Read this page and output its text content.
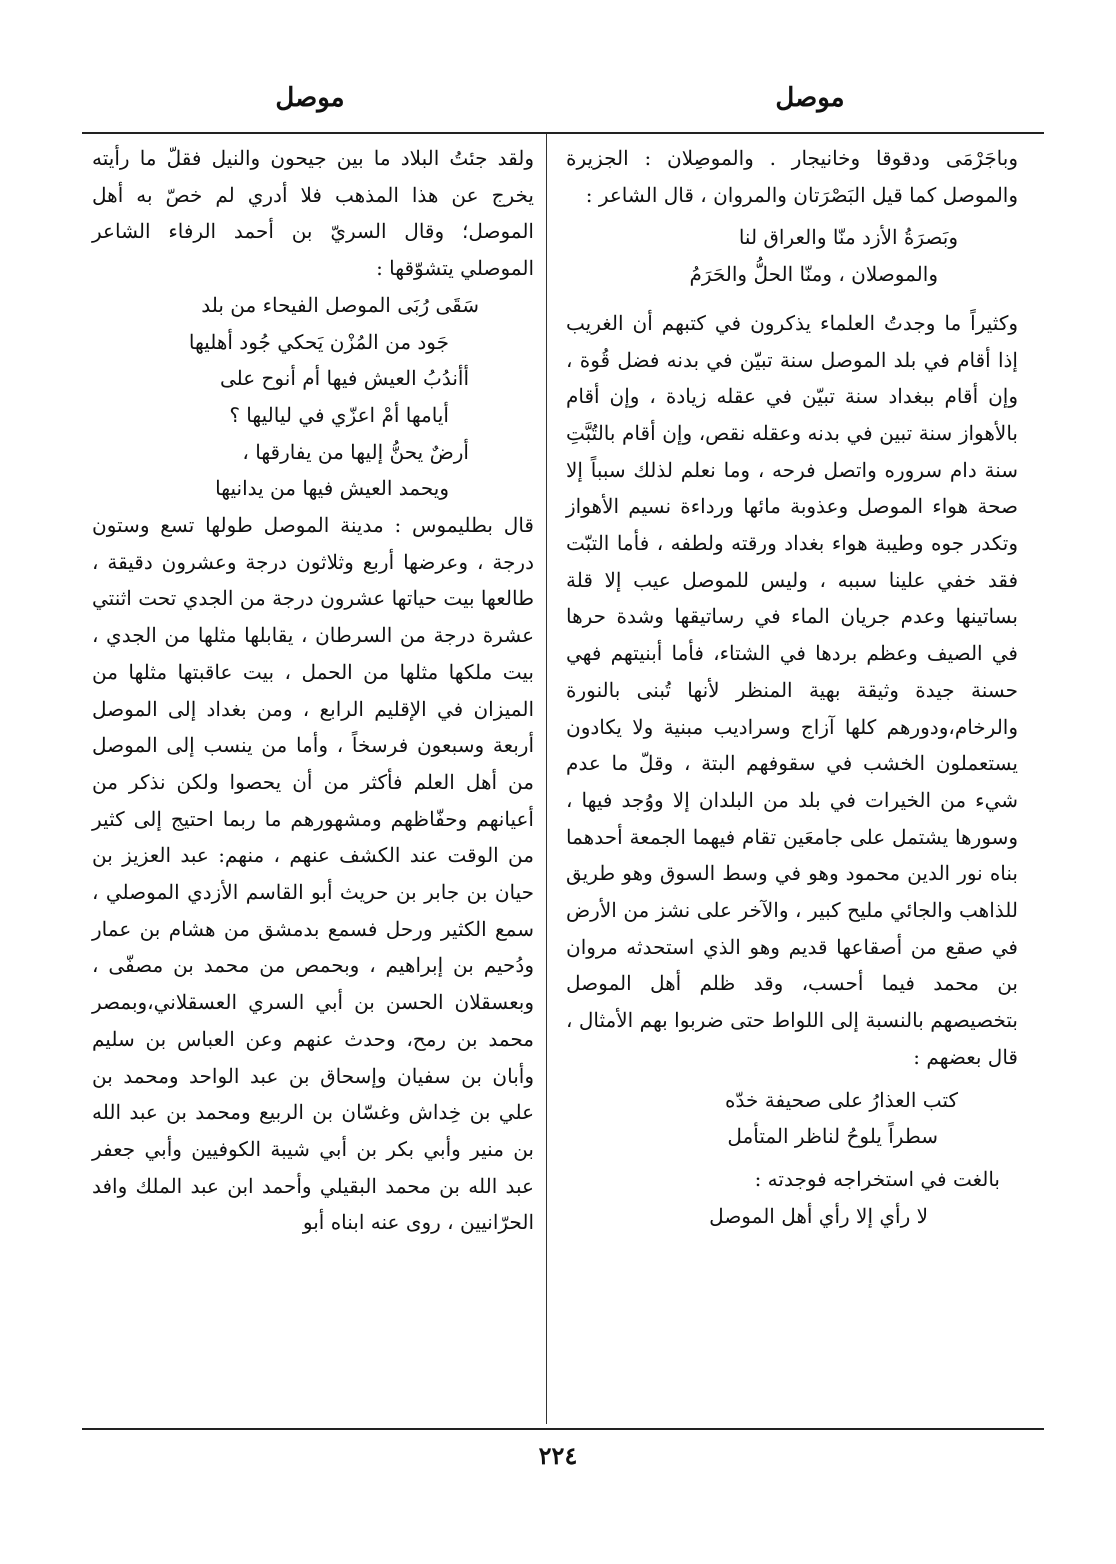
موصل
موصل

وباجَرْمَى ودقوقا وخانيجار . والموصِلان : الجزيرة والموصل كما قيل البَصْرَتان والمروان ، قال الشاعر :

وبَصرَةُ الأزد منّا والعراق لنا
والموصلان ، ومنّا الحلُّ والحَرَمُ

وكثيراً ما وجدتُ العلماء يذكرون في كتبهم أن الغريب إذا أقام في بلد الموصل سنة تبيّن في بدنه فضل قُوة ، وإن أقام ببغداد سنة تبيّن في عقله زيادة ، وإن أقام بالأهواز سنة تبين في بدنه وعقله نقص، وإن أقام بالتُبَّتِ سنة دام سروره واتصل فرحه ، وما نعلم لذلك سبباً إلا صحة هواء الموصل وعذوبة مائها ورداءة نسيم الأهواز وتكدر جوه وطيبة هواء بغداد ورقته ولطفه ، فأما التبّت فقد خفي علينا سببه ، وليس للموصل عيب إلا قلة بساتينها وعدم جريان الماء في رساتيقها وشدة حرها في الصيف وعظم بردها في الشتاء، فأما أبنيتهم فهي حسنة جيدة وثيقة بهية المنظر لأنها تُبنى بالنورة والرخام،ودورهم كلها آزاج وسراديب مبنية ولا يكادون يستعملون الخشب في سقوفهم البتة ، وقلّ ما عدم شيء من الخيرات في بلد من البلدان إلا ووُجد فيها ، وسورها يشتمل على جامعَين تقام فيهما الجمعة أحدهما بناه نور الدين محمود وهو في وسط السوق وهو طريق للذاهب والجائي مليح كبير ، والآخر على نشز من الأرض في صقع من أصقاعها قديم وهو الذي استحدثه مروان بن محمد فيما أحسب، وقد ظلم أهل الموصل بتخصيصهم بالنسبة إلى اللواط حتى ضربوا بهم الأمثال ، قال بعضهم :

كتب العذارُ على صحيفة خدّه
سطراً يلوحُ لناظر المتأمل
بالغت في استخراجه فوجدته :
لا رأي إلا رأي أهل الموصل

ولقد جئتُ البلاد ما بين جيحون والنيل فقلّ ما رأيته يخرج عن هذا المذهب فلا أدري لم خصّ به أهل الموصل؛ وقال السريّ بن أحمد الرفاء الشاعر الموصلي يتشوّقها :

سَقَى رُبَى الموصل الفيحاء من بلد
جَود من المُزْن يَحكي جُود أهليها
أأندُبُ العيش فيها أم أنوح على
أيامها أمْ اعزّي في لياليها ؟
أرضٌ يحنُّ إليها من يفارقها ،
ويحمد العيش فيها من يدانيها

قال بطليموس : مدينة الموصل طولها تسع وستون درجة ، وعرضها أربع وثلاثون درجة وعشرون دقيقة ، طالعها بيت حياتها عشرون درجة من الجدي تحت اثنتي عشرة درجة من السرطان ، يقابلها مثلها من الجدي ، بيت ملكها مثلها من الحمل ، بيت عاقبتها مثلها من الميزان في الإقليم الرابع ، ومن بغداد إلى الموصل أربعة وسبعون فرسخاً ، وأما من ينسب إلى الموصل من أهل العلم فأكثر من أن يحصوا ولكن نذكر من أعيانهم وحفّاظهم ومشهورهم ما ربما احتيج إلى كثير من الوقت عند الكشف عنهم ، منهم: عبد العزيز بن حيان بن جابر بن حريث أبو القاسم الأزدي الموصلي ، سمع الكثير ورحل فسمع بدمشق من هشام بن عمار ودُحيم بن إبراهيم ، وبحمص من محمد بن مصفّى ، وبعسقلان الحسن بن أبي السري العسقلاني،وبمصر محمد بن رمح، وحدث عنهم وعن العباس بن سليم وأبان بن سفيان وإسحاق بن عبد الواحد ومحمد بن علي بن خِداش وغسّان بن الربيع ومحمد بن عبد الله بن منير وأبي بكر بن أبي شيبة الكوفيين وأبي جعفر عبد الله بن محمد البقيلي وأحمد ابن عبد الملك وافد الحرّانيين ، روى عنه ابناه أبو

٢٢٤
